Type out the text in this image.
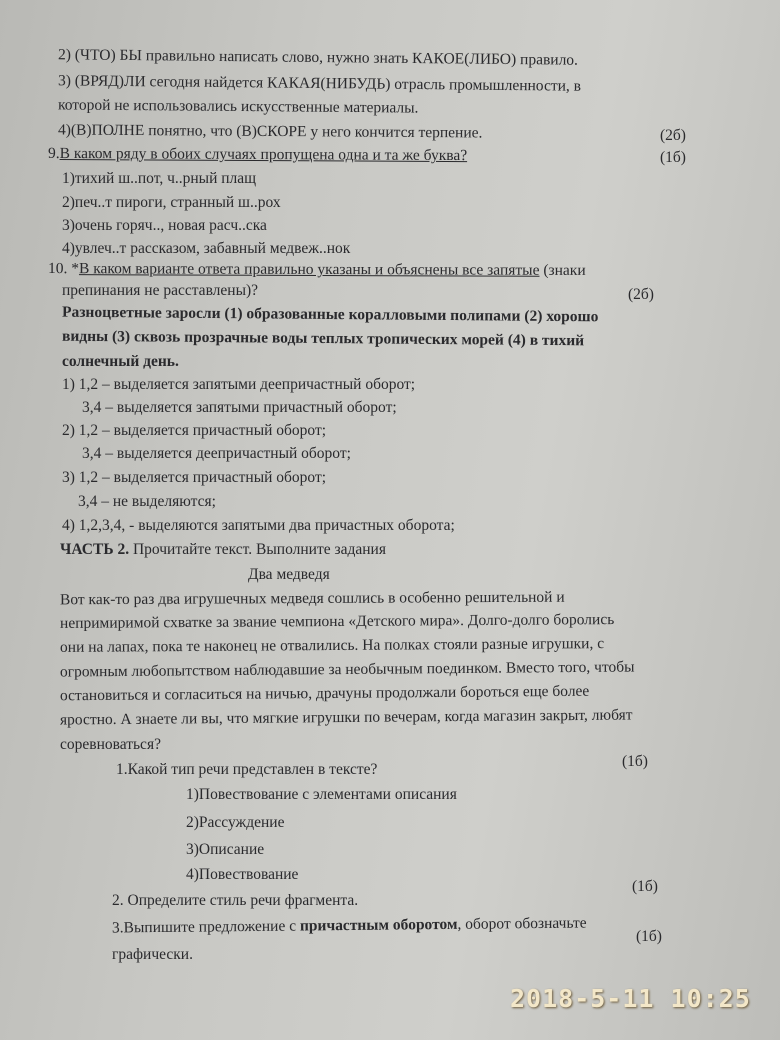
2) (ЧТО) БЫ правильно написать слово, нужно знать КАКОЕ(ЛИБО) правило.
3) (ВРЯД)ЛИ сегодня найдется КАКАЯ(НИБУДЬ) отрасль промышленности, в
которой не использовались искусственные материалы.
4)(В)ПОЛНЕ понятно, что (В)СКОРЕ у него кончится терпение.	(2б)
9.В каком ряду в обоих случаях пропущена одна и та же буква?	(1б)
1)тихий ш..пот, ч..рный плащ
2)печ..т пироги, странный ш..рох
3)очень горяч.., новая расч..ска
4)увлеч..т рассказом, забавный медвеж..нок
10. *В каком варианте ответа правильно указаны и объяснены все запятые (знаки
препинания не расставлены)?	(2б)
Разноцветные заросли (1) образованные коралловыми полипами (2) хорошо
видны (3) сквозь прозрачные воды теплых тропических морей (4) в тихий
солнечный день.
1) 1,2 – выделяется запятыми деепричастный оборот;
3,4 – выделяется запятыми причастный оборот;
2) 1,2 – выделяется причастный оборот;
3,4 – выделяется деепричастный оборот;
3) 1,2 – выделяется причастный оборот;
3,4 – не выделяются;
4) 1,2,3,4, - выделяются запятыми два причастных оборота;
ЧАСТЬ 2. Прочитайте текст. Выполните задания
Два медведя
Вот как-то раз два игрушечных медведя сошлись в особенно решительной и
непримиримой схватке за звание чемпиона «Детского мира». Долго-долго боролись
они на лапах, пока те наконец не отвалились. На полках стояли разные игрушки, с
огромным любопытством наблюдавшие за необычным поединком. Вместо того, чтобы
остановиться и согласиться на ничью, драчуны продолжали бороться еще более
яростно. А знаете ли вы, что мягкие игрушки по вечерам, когда магазин закрыт, любят
соревноваться?
1.Какой тип речи представлен в тексте?	(1б)
1)Повествование с элементами описания
2)Рассуждение
3)Описание
4)Повествование
2. Определите стиль речи фрагмента.
(1б)
3.Выпишите предложение с причастным оборотом, оборот обозначьте
графически.
(1б)
2018-5-11 10:25
